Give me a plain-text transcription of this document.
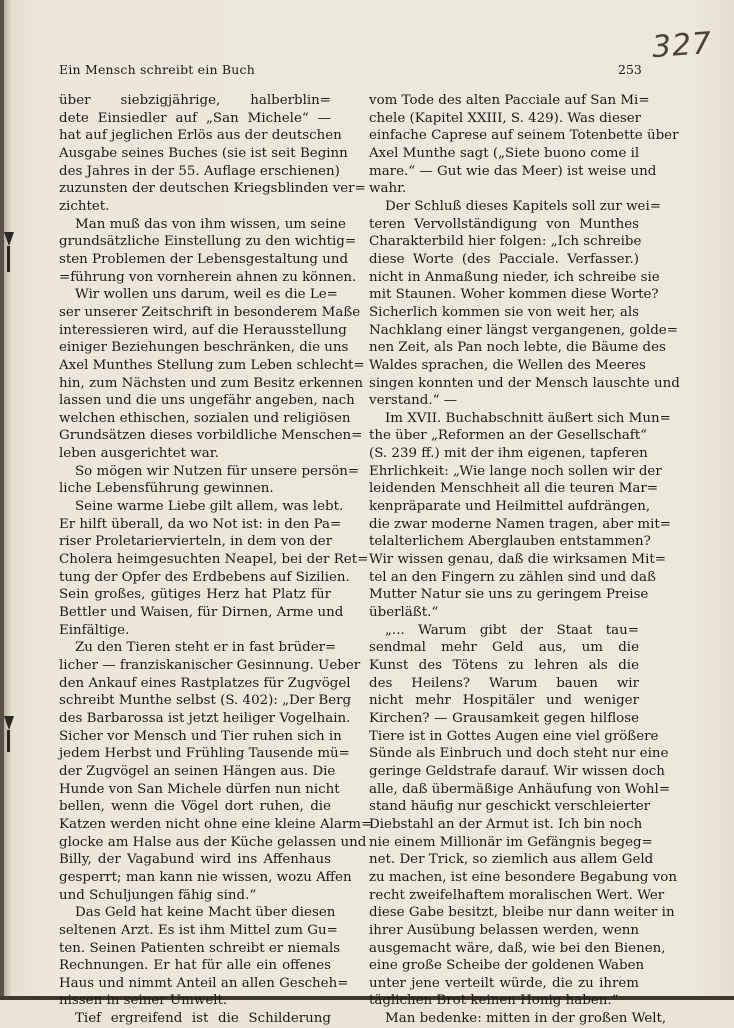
327
Ein Mensch schreibt ein Buch	253
über siebzigjährige, halberblin=
dete Einsiedler auf „San Michele“ —
hat auf jeglichen Erlös aus der deutschen
Ausgabe seines Buches (sie ist seit Beginn
des Jahres in der 55. Auflage erschienen)
zuzunsten der deutschen Kriegsblinden ver=
zichtet.
Man muß das von ihm wissen, um seine
grundsätzliche Einstellung zu den wichtig=
sten Problemen der Lebensgestaltung und
=führung von vornherein ahnen zu können.
Wir wollen uns darum, weil es die Le=
ser unserer Zeitschrift in besonderem Maße
interessieren wird, auf die Herausstellung
einiger Beziehungen beschränken, die uns
Axel Munthes Stellung zum Leben schlecht=
hin, zum Nächsten und zum Besitz erkennen
lassen und die uns ungefähr angeben, nach
welchen ethischen, sozialen und religiösen
Grundsätzen dieses vorbildliche Menschen=
leben ausgerichtet war.
So mögen wir Nutzen für unsere persön=
liche Lebensführung gewinnen.
Seine warme Liebe gilt allem, was lebt.
Er hilft überall, da wo Not ist: in den Pa=
riser Proletariervierteln, in dem von der
Cholera heimgesuchten Neapel, bei der Ret=
tung der Opfer des Erdbebens auf Sizilien.
Sein großes, gütiges Herz hat Platz für
Bettler und Waisen, für Dirnen, Arme und
Einfältige.
Zu den Tieren steht er in fast brüder=
licher — franziskanischer Gesinnung. Ueber
den Ankauf eines Rastplatzes für Zugvögel
schreibt Munthe selbst (S. 402): „Der Berg
des Barbarossa ist jetzt heiliger Vogelhain.
Sicher vor Mensch und Tier ruhen sich in
jedem Herbst und Frühling Tausende mü=
der Zugvögel an seinen Hängen aus. Die
Hunde von San Michele dürfen nun nicht
bellen, wenn die Vögel dort ruhen, die
Katzen werden nicht ohne eine kleine Alarm=
glocke am Halse aus der Küche gelassen und
Billy, der Vagabund wird ins Affenhaus
gesperrt; man kann nie wissen, wozu Affen
und Schuljungen fähig sind.“
Das Geld hat keine Macht über diesen
seltenen Arzt. Es ist ihm Mittel zum Gu=
ten. Seinen Patienten schreibt er niemals
Rechnungen. Er hat für alle ein offenes
Haus und nimmt Anteil an allen Gescheh=
nissen in seiner Umwelt.
Tief ergreifend ist die Schilderung
vom Tode des alten Pacciale auf San Mi=
chele (Kapitel XXIII, S. 429). Was dieser
einfache Caprese auf seinem Totenbette über
Axel Munthe sagt („Siete buono come il
mare.“ — Gut wie das Meer) ist weise und
wahr.
Der Schluß dieses Kapitels soll zur wei=
teren Vervollständigung von Munthes
Charakterbild hier folgen: „Ich schreibe
diese Worte (des Pacciale. Verfasser.)
nicht in Anmaßung nieder, ich schreibe sie
mit Staunen. Woher kommen diese Worte?
Sicherlich kommen sie von weit her, als
Nachklang einer längst vergangenen, golde=
nen Zeit, als Pan noch lebte, die Bäume des
Waldes sprachen, die Wellen des Meeres
singen konnten und der Mensch lauschte und
verstand.“ —
Im XVII. Buchabschnitt äußert sich Mun=
the über „Reformen an der Gesellschaft“
(S. 239 ff.) mit der ihm eigenen, tapferen
Ehrlichkeit: „Wie lange noch sollen wir der
leidenden Menschheit all die teuren Mar=
kenpräparate und Heilmittel aufdrängen,
die zwar moderne Namen tragen, aber mit=
telalterlichem Aberglauben entstammen?
Wir wissen genau, daß die wirksamen Mit=
tel an den Fingern zu zählen sind und daß
Mutter Natur sie uns zu geringem Preise
überläßt.“
„... Warum gibt der Staat tau=
sendmal mehr Geld aus, um die
Kunst des Tötens zu lehren als die
des Heilens? Warum bauen wir
nicht mehr Hospitäler und weniger
Kirchen? — Grausamkeit gegen hilflose
Tiere ist in Gottes Augen eine viel größere
Sünde als Einbruch und doch steht nur eine
geringe Geldstrafe darauf. Wir wissen doch
alle, daß übermäßige Anhäufung von Wohl=
stand häufig nur geschickt verschleierter
Diebstahl an der Armut ist. Ich bin noch
nie einem Millionär im Gefängnis begeg=
net. Der Trick, so ziemlich aus allem Geld
zu machen, ist eine besondere Begabung von
recht zweifelhaftem moralischen Wert. Wer
diese Gabe besitzt, bleibe nur dann weiter in
ihrer Ausübung belassen werden, wenn
ausgemacht wäre, daß, wie bei den Bienen,
eine große Scheibe der goldenen Waben
unter jene verteilt würde, die zu ihrem
täglichen Brot keinen Honig haben.“
Man bedenke: mitten in der großen Welt,
